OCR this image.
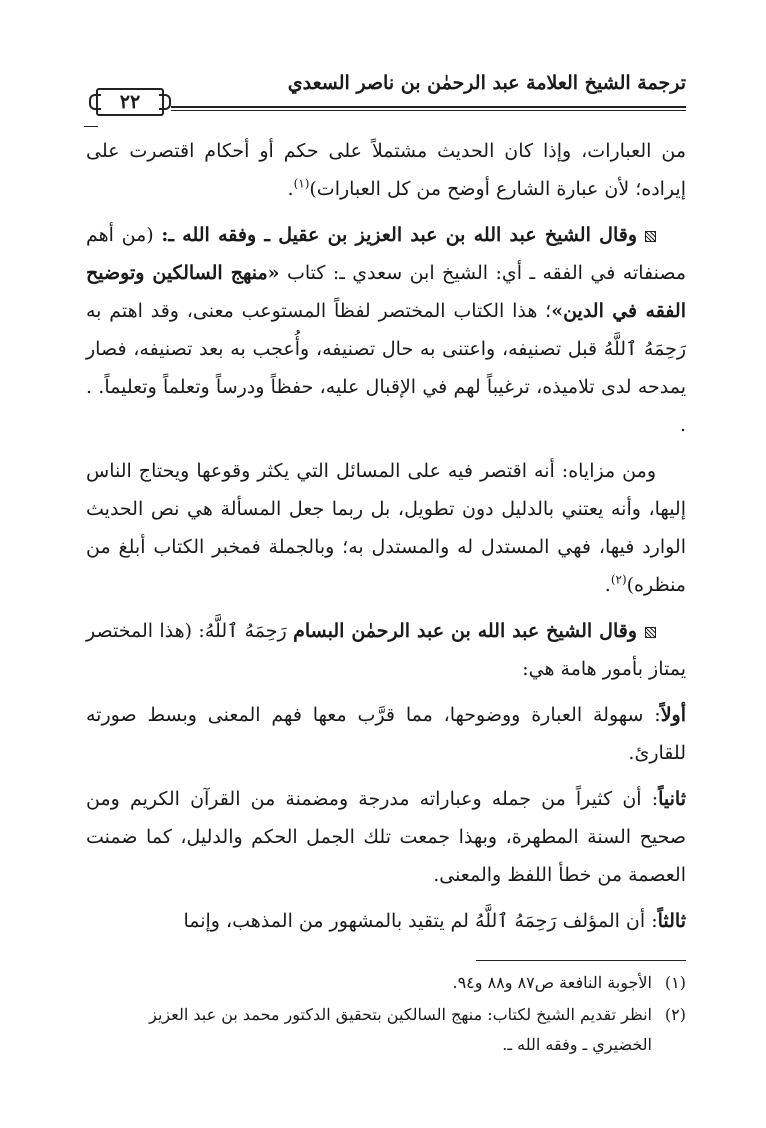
ترجمة الشيخ العلامة عبد الرحمٰن بن ناصر السعدي
٢٢

من العبارات، وإذا كان الحديث مشتملاً على حكم أو أحكام اقتصرت على إيراده؛ لأن عبارة الشارع أوضح من كل العبارات)$^{(١)}$.

وقال الشيخ عبد الله بن عبد العزيز بن عقيل ـ وفقه الله ـ: (من أهم مصنفاته في الفقه ـ أي: الشيخ ابن سعدي ـ: كتاب «منهج السالكين وتوضيح الفقه في الدين»؛ هذا الكتاب المختصر لفظاً المستوعب معنى، وقد اهتم به رَحِمَهُ ٱللَّهُ قبل تصنيفه، واعتنى به حال تصنيفه، وأُعجب به بعد تصنيفه، فصار يمدحه لدى تلاميذه، ترغيباً لهم في الإقبال عليه، حفظاً ودرساً وتعلماً وتعليماً. . .

ومن مزاياه: أنه اقتصر فيه على المسائل التي يكثر وقوعها ويحتاج الناس إليها، وأنه يعتني بالدليل دون تطويل، بل ربما جعل المسألة هي نص الحديث الوارد فيها، فهي المستدل له والمستدل به؛ وبالجملة فمخبر الكتاب أبلغ من منظره)$^{(٢)}$.

وقال الشيخ عبد الله بن عبد الرحمٰن البسام رَحِمَهُ ٱللَّهُ: (هذا المختصر يمتاز بأمور هامة هي:

أولاً: سهولة العبارة ووضوحها، مما قرَّب معها فهم المعنى وبسط صورته للقارئ.

ثانياً: أن كثيراً من جمله وعباراته مدرجة ومضمنة من القرآن الكريم ومن صحيح السنة المطهرة، وبهذا جمعت تلك الجمل الحكم والدليل، كما ضمنت العصمة من خطأ اللفظ والمعنى.

ثالثاً: أن المؤلف رَحِمَهُ ٱللَّهُ لم يتقيد بالمشهور من المذهب، وإنما

(١)
الأجوبة النافعة ص٨٧ و٨٨ و٩٤.
(٢)
انظر تقديم الشيخ لكتاب: منهج السالكين بتحقيق الدكتور محمد بن عبد العزيز الخضيري ـ وفقه الله ـ.
